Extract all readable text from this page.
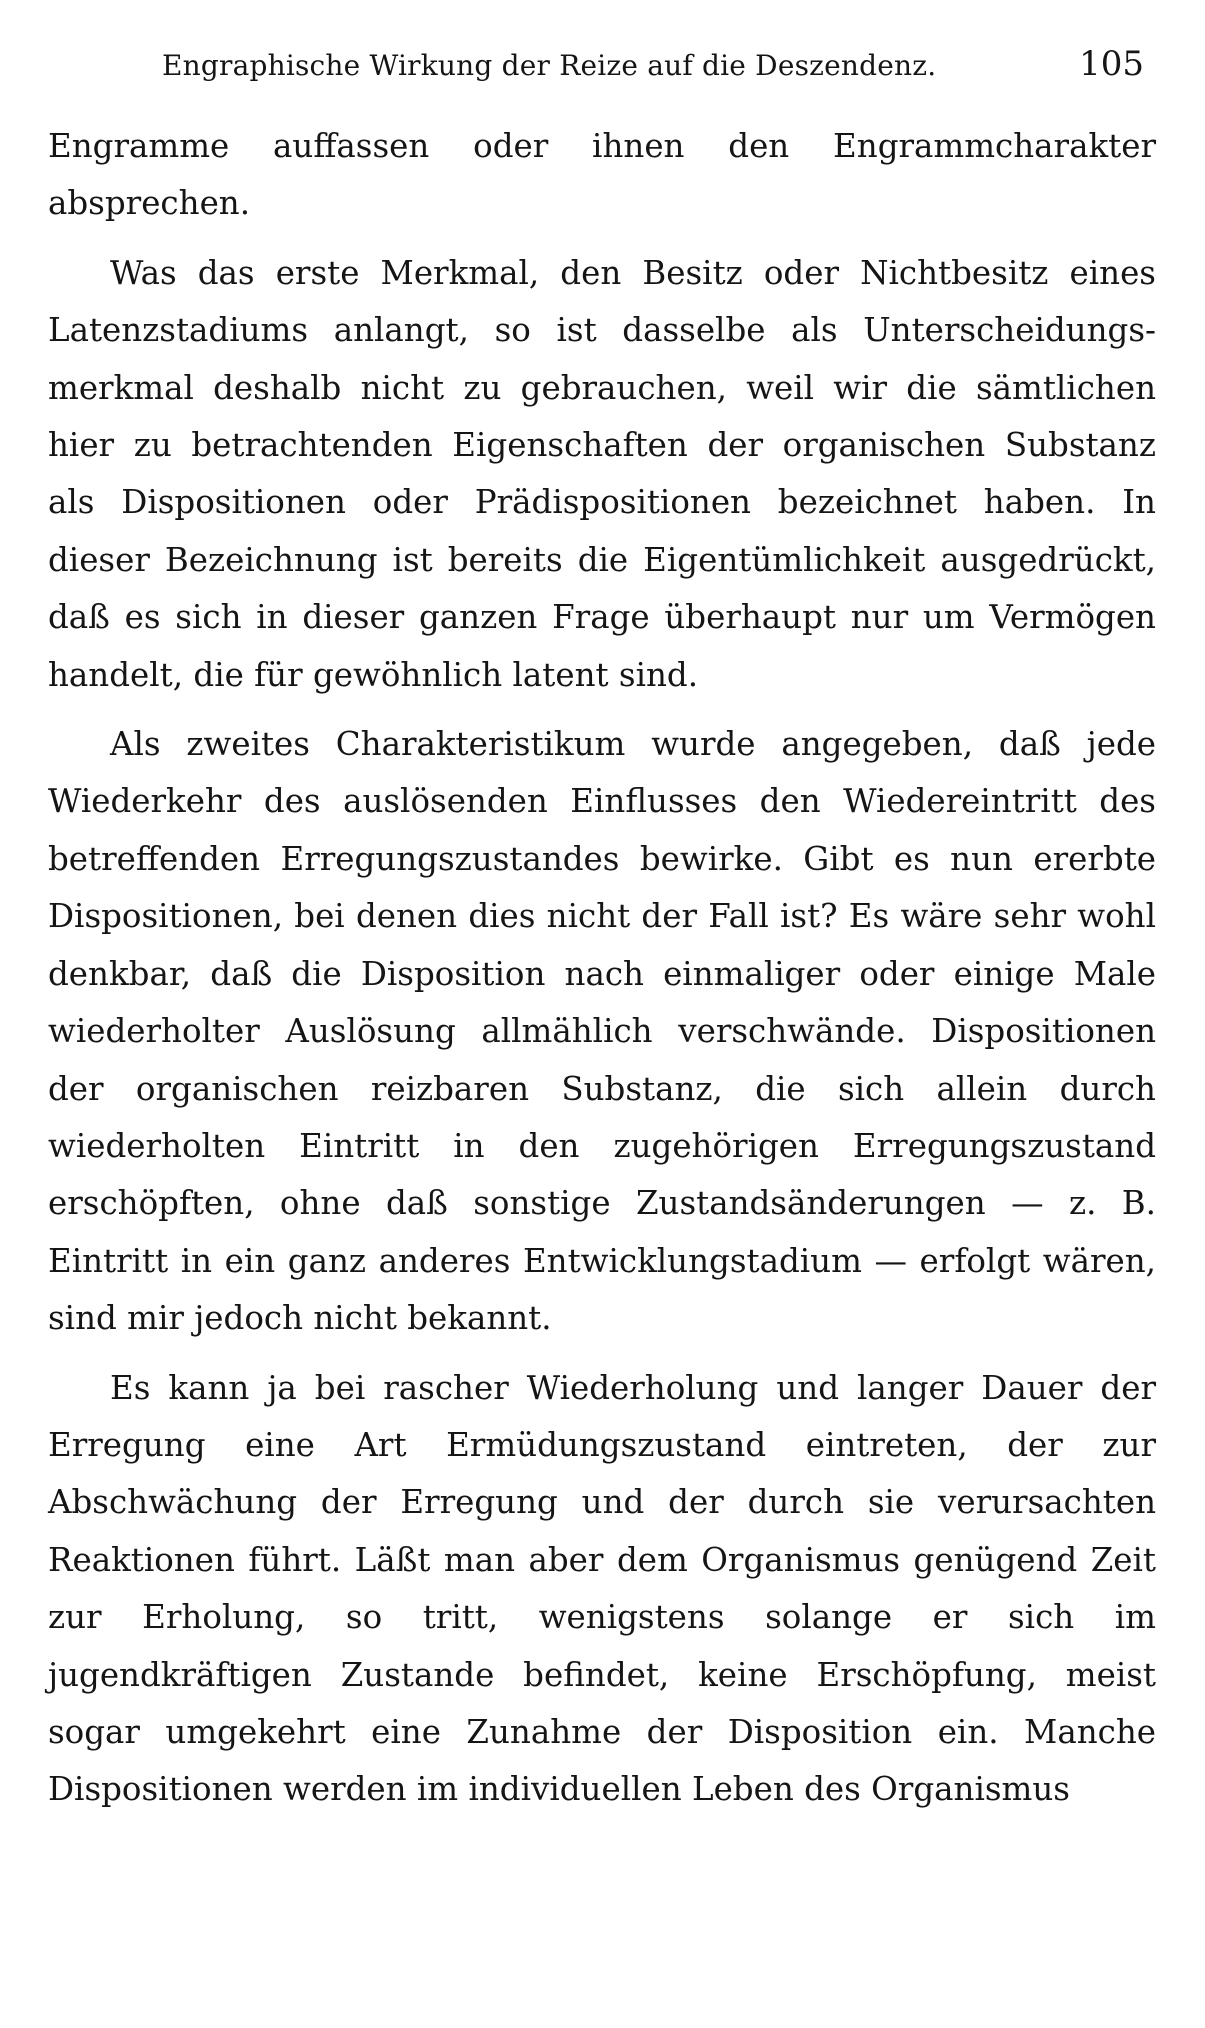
Engraphische Wirkung der Reize auf die Deszendenz.	105

Engramme auffassen oder ihnen den Engrammcharakter absprechen.

Was das erste Merkmal, den Besitz oder Nichtbesitz eines Latenzstadiums anlangt, so ist dasselbe als Unterscheidungsmerkmal deshalb nicht zu gebrauchen, weil wir die sämtlichen hier zu betrachtenden Eigenschaften der organischen Substanz als Dispositionen oder Prädispositionen bezeichnet haben. In dieser Bezeichnung ist bereits die Eigentümlichkeit ausgedrückt, daß es sich in dieser ganzen Frage überhaupt nur um Vermögen handelt, die für gewöhnlich latent sind.

Als zweites Charakteristikum wurde angegeben, daß jede Wiederkehr des auslösenden Einflusses den Wiedereintritt des betreffenden Erregungszustandes bewirke. Gibt es nun ererbte Dispositionen, bei denen dies nicht der Fall ist? Es wäre sehr wohl denkbar, daß die Disposition nach einmaliger oder einige Male wiederholter Auslösung allmählich verschwände. Dispositionen der organischen reizbaren Substanz, die sich allein durch wiederholten Eintritt in den zugehörigen Erregungszustand erschöpften, ohne daß sonstige Zustandsänderungen — z. B. Eintritt in ein ganz anderes Entwicklungstadium — erfolgt wären, sind mir jedoch nicht bekannt.

Es kann ja bei rascher Wiederholung und langer Dauer der Erregung eine Art Ermüdungszustand eintreten, der zur Abschwächung der Erregung und der durch sie verursachten Reaktionen führt. Läßt man aber dem Organismus genügend Zeit zur Erholung, so tritt, wenigstens solange er sich im jugendkräftigen Zustande befindet, keine Erschöpfung, meist sogar umgekehrt eine Zunahme der Disposition ein. Manche Dispositionen werden im individuellen Leben des Organismus
